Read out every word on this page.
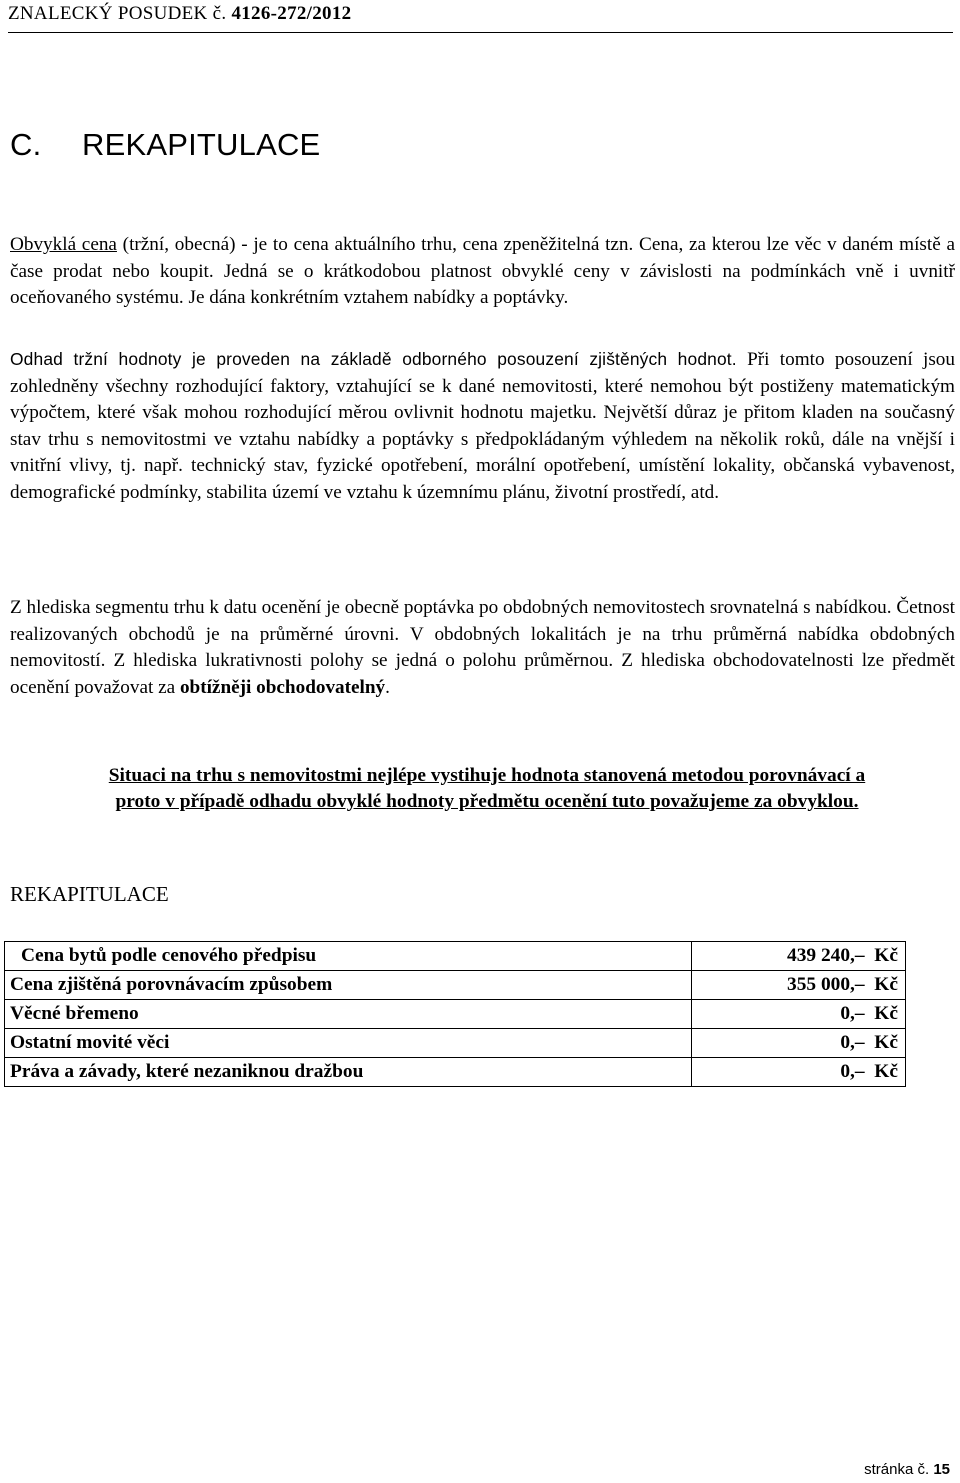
ZNALECKÝ POSUDEK č. 4126-272/2012
C. REKAPITULACE

Obvyklá cena (tržní, obecná) - je to cena aktuálního trhu, cena zpeněžitelná tzn. Cena, za kterou lze věc v daném místě a čase prodat nebo koupit. Jedná se o krátkodobou platnost obvyklé ceny v závislosti na podmínkách vně i uvnitř oceňovaného systému. Je dána konkrétním vztahem nabídky a poptávky.

Odhad tržní hodnoty je proveden na základě odborného posouzení zjištěných hodnot. Při tomto posouzení jsou zohledněny všechny rozhodující faktory, vztahující se k dané nemovitosti, které nemohou být postiženy matematickým výpočtem, které však mohou rozhodující měrou ovlivnit hodnotu majetku. Největší důraz je přitom kladen na současný stav trhu s nemovitostmi ve vztahu nabídky a poptávky s předpokládaným výhledem na několik roků, dále na vnější i vnitřní vlivy, tj. např. technický stav, fyzické opotřebení, morální opotřebení, umístění lokality, občanská vybavenost, demografické podmínky, stabilita území ve vztahu k územnímu plánu, životní prostředí, atd.

Z hlediska segmentu trhu k datu ocenění je obecně poptávka po obdobných nemovitostech srovnatelná s nabídkou. Četnost realizovaných obchodů je na průměrné úrovni. V obdobných lokalitách je na trhu průměrná nabídka obdobných nemovitostí. Z hlediska lukrativnosti polohy se jedná o polohu průměrnou. Z hlediska obchodovatelnosti lze předmět ocenění považovat za obtížněji obchodovatelný.

Situaci na trhu s nemovitostmi nejlépe vystihuje hodnota stanovená metodou porovnávací a

proto v případě odhadu obvyklé hodnoty předmětu ocenění tuto považujeme za obvyklou.

REKAPITULACE
Cena bytů podle cenového předpisu	439 240,– Kč
Cena zjištěná porovnávacím způsobem	355 000,– Kč
Věcné břemeno	0,– Kč
Ostatní movité věci	0,– Kč
Práva a závady, které nezaniknou dražbou	0,– Kč
stránka č. 15
